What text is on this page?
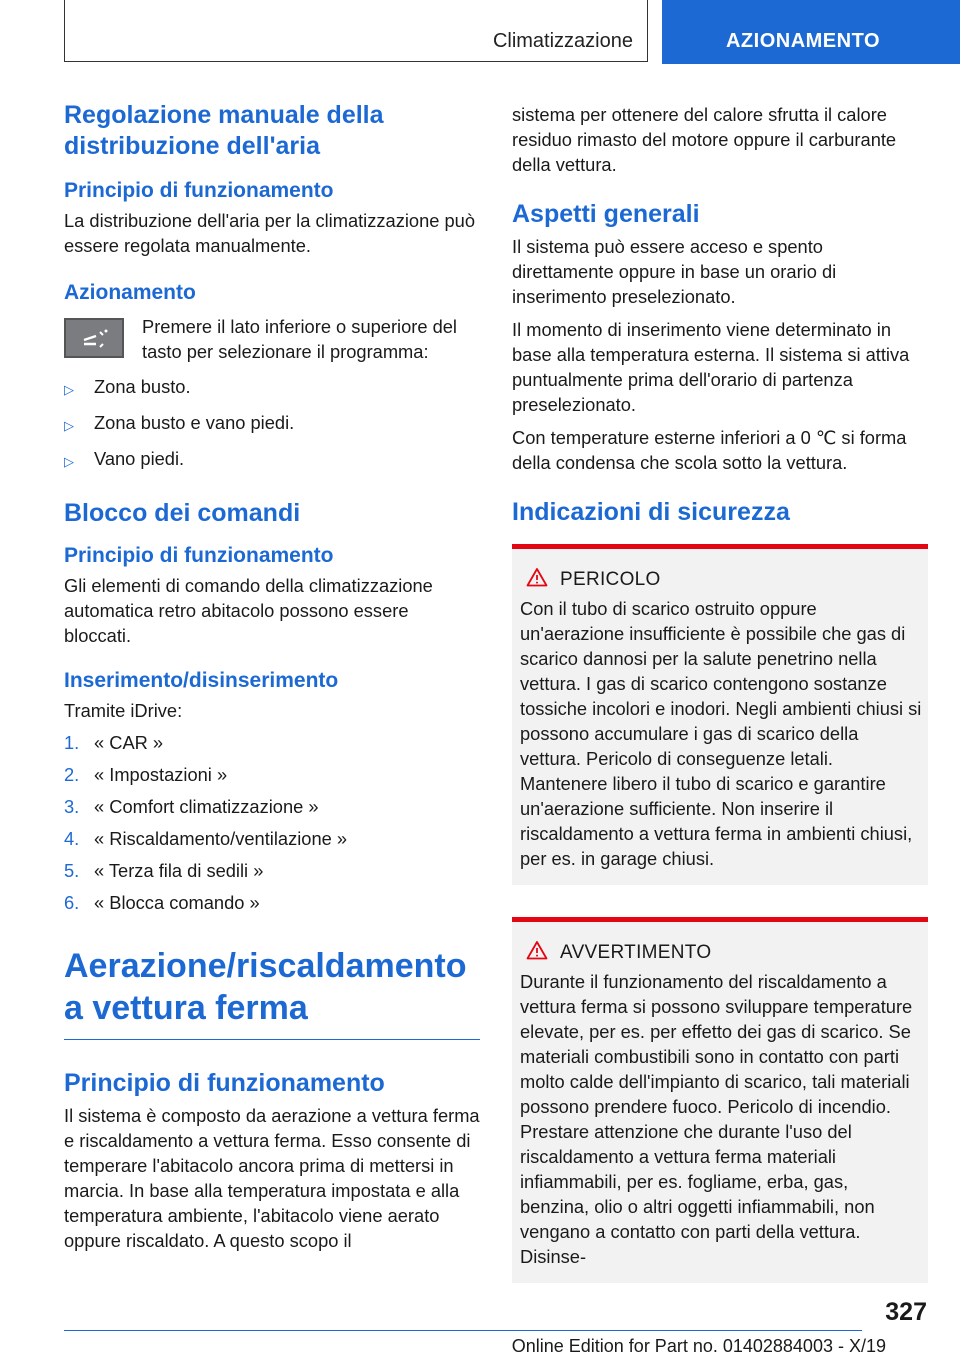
Climatizzazione	AZIONAMENTO
Regolazione manuale della distribuzione dell'aria
Principio di funzionamento

La distribuzione dell'aria per la climatizzazione può essere regolata manualmente.

Azionamento

Premere il lato inferiore o superiore del tasto per selezionare il programma:

▷	Zona busto.
▷	Zona busto e vano piedi.
▷	Vano piedi.
Blocco dei comandi
Principio di funzionamento

Gli elementi di comando della climatizzazione automatica retro abitacolo possono essere bloccati.

Inserimento/disinserimento

Tramite iDrive:

1. « CAR »
2. « Impostazioni »
3. « Comfort climatizzazione »
4. « Riscaldamento/ventilazione »
5. « Terza fila di sedili »
6. « Blocca comando »
Aerazione/riscaldamento a vettura ferma
Principio di funzionamento

Il sistema è composto da aerazione a vettura ferma e riscaldamento a vettura ferma. Esso consente di temperare l'abitacolo ancora prima di mettersi in marcia. In base alla temperatura impostata e alla temperatura ambiente, l'abitacolo viene aerato oppure riscaldato. A questo scopo il

sistema per ottenere del calore sfrutta il calore residuo rimasto del motore oppure il carburante della vettura.

Aspetti generali

Il sistema può essere acceso e spento direttamente oppure in base un orario di inserimento preselezionato.

Il momento di inserimento viene determinato in base alla temperatura esterna. Il sistema si attiva puntualmente prima dell'orario di partenza preselezionato.

Con temperature esterne inferiori a 0 ℃ si forma della condensa che scola sotto la vettura.

Indicazioni di sicurezza
PERICOLO

Con il tubo di scarico ostruito oppure un'aerazione insufficiente è possibile che gas di scarico dannosi per la salute penetrino nella vettura. I gas di scarico contengono sostanze tossiche incolori e inodori. Negli ambienti chiusi si possono accumulare i gas di scarico della vettura. Pericolo di conseguenze letali. Mantenere libero il tubo di scarico e garantire un'aerazione sufficiente. Non inserire il riscaldamento a vettura ferma in ambienti chiusi, per es. in garage chiusi.

AVVERTIMENTO

Durante il funzionamento del riscaldamento a vettura ferma si possono sviluppare temperature elevate, per es. per effetto dei gas di scarico. Se materiali combustibili sono in contatto con parti molto calde dell'impianto di scarico, tali materiali possono prendere fuoco. Pericolo di incendio. Prestare attenzione che durante l'uso del riscaldamento a vettura ferma materiali infiammabili, per es. fogliame, erba, gas, benzina, olio o altri oggetti infiammabili, non vengano a contatto con parti della vettura. Disinse-

327
Online Edition for Part no. 01402884003 - X/19
